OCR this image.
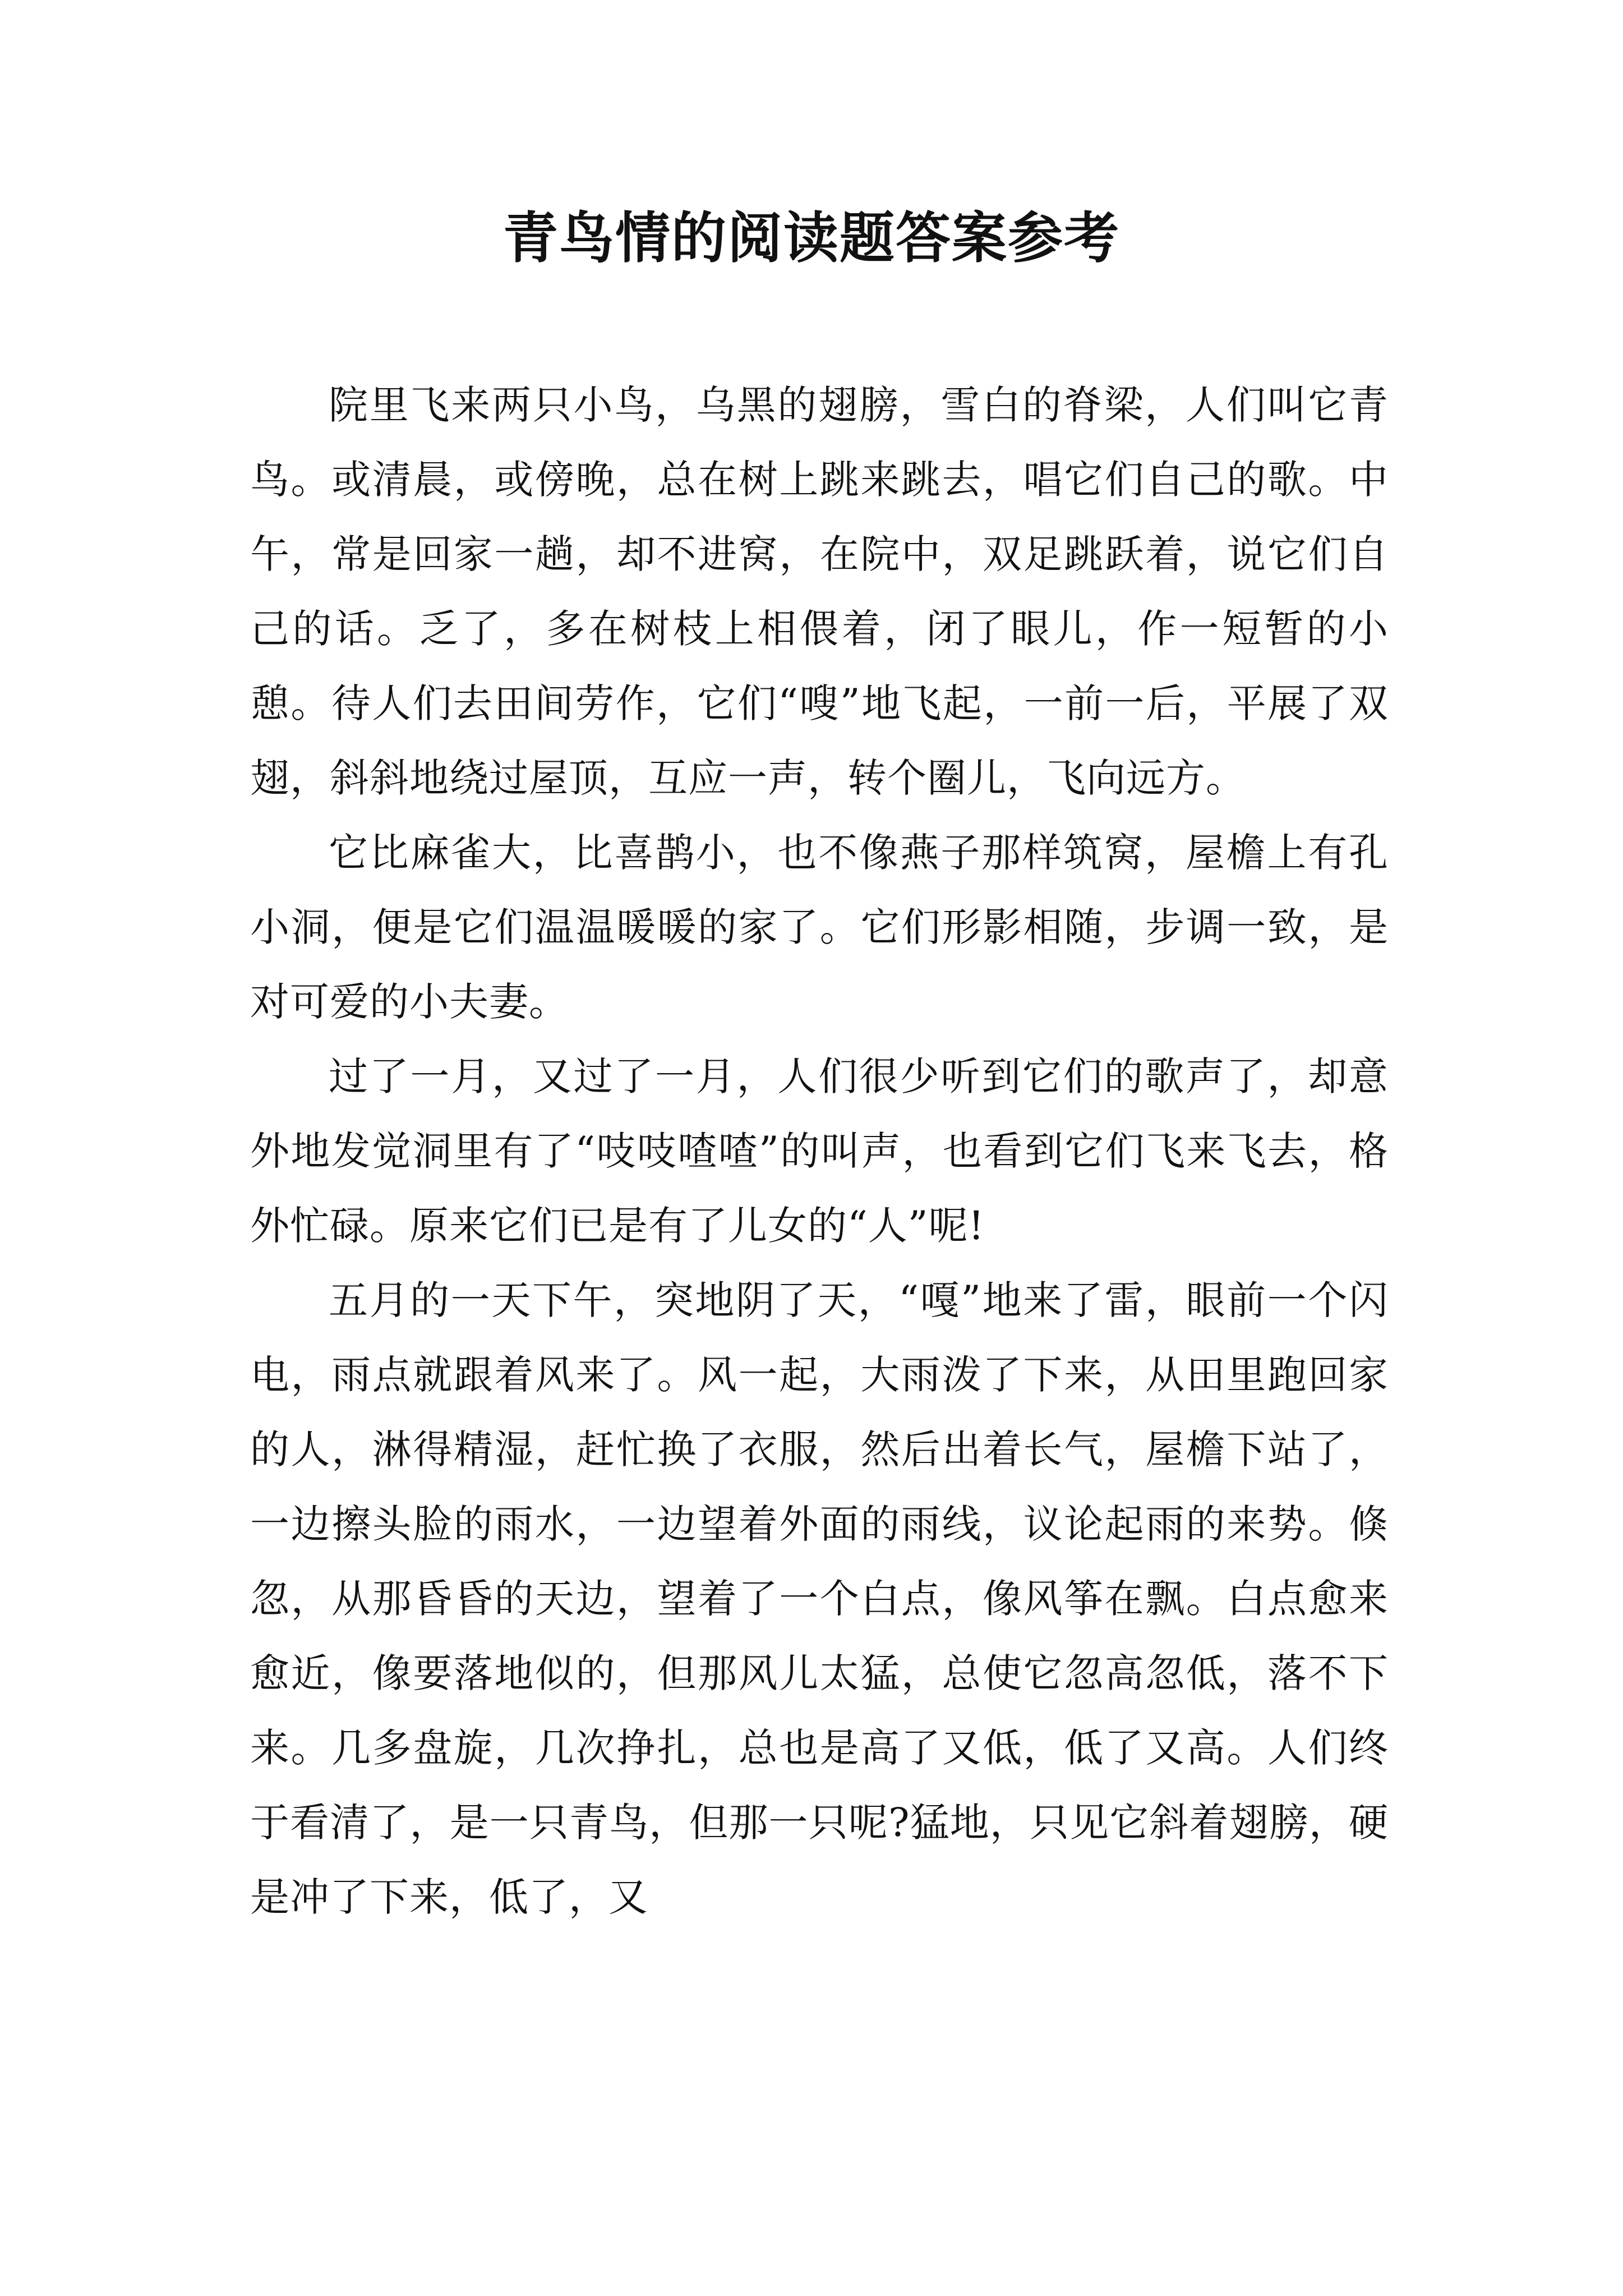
青鸟情的阅读题答案参考

院里飞来两只小鸟，乌黑的翅膀，雪白的脊梁，人们叫它青鸟。或清晨，或傍晚，总在树上跳来跳去，唱它们自己的歌。中午，常是回家一趟，却不进窝，在院中，双足跳跃着，说它们自己的话。乏了，多在树枝上相偎着，闭了眼儿，作一短暂的小憩。待人们去田间劳作，它们“嗖”地飞起，一前一后，平展了双翅，斜斜地绕过屋顶，互应一声，转个圈儿，飞向远方。

它比麻雀大，比喜鹊小，也不像燕子那样筑窝，屋檐上有孔小洞，便是它们温温暖暖的家了。它们形影相随，步调一致，是对可爱的小夫妻。

过了一月，又过了一月，人们很少听到它们的歌声了，却意外地发觉洞里有了“吱吱喳喳”的叫声，也看到它们飞来飞去，格外忙碌。原来它们已是有了儿女的“人”呢!

五月的一天下午，突地阴了天，“嘎”地来了雷，眼前一个闪电，雨点就跟着风来了。风一起，大雨泼了下来，从田里跑回家的人，淋得精湿，赶忙换了衣服，然后出着长气，屋檐下站了，一边擦头脸的雨水，一边望着外面的雨线，议论起雨的来势。倏忽，从那昏昏的天边，望着了一个白点，像风筝在飘。白点愈来愈近，像要落地似的，但那风儿太猛，总使它忽高忽低，落不下来。几多盘旋，几次挣扎，总也是高了又低，低了又高。人们终于看清了，是一只青鸟，但那一只呢?猛地，只见它斜着翅膀，硬是冲了下来，低了，又
